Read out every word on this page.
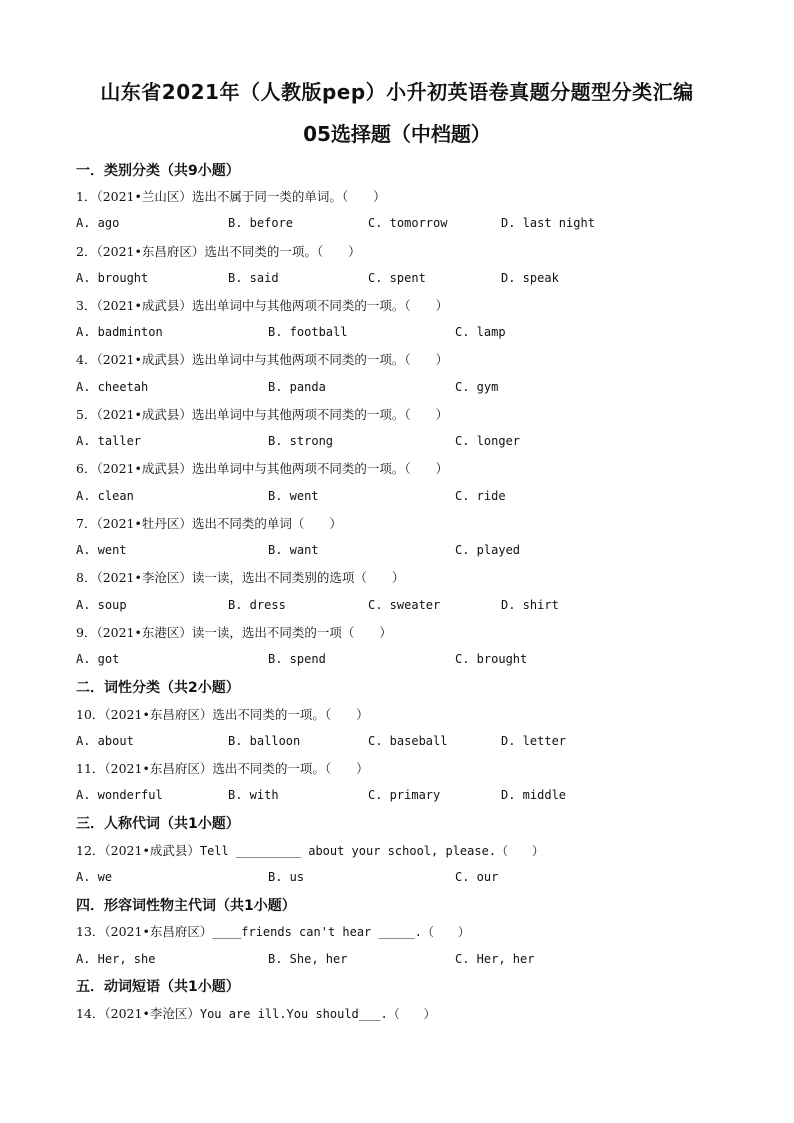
山东省2021年（人教版pep）小升初英语卷真题分题型分类汇编
05选择题（中档题）
一．类别分类（共9小题）
1．（2021•兰山区）选出不属于同一类的单词。（　　）
A. ago	B. before	C. tomorrow	D. last night
2．（2021•东昌府区）选出不同类的一项。（　　）
A. brought	B. said	C. spent	D. speak
3．（2021•成武县）选出单词中与其他两项不同类的一项。（　　）
A. badminton	B. football	C. lamp
4．（2021•成武县）选出单词中与其他两项不同类的一项。（　　）
A. cheetah	B. panda	C. gym
5．（2021•成武县）选出单词中与其他两项不同类的一项。（　　）
A. taller	B. strong	C. longer
6．（2021•成武县）选出单词中与其他两项不同类的一项。（　　）
A. clean	B. went	C. ride
7．（2021•牡丹区）选出不同类的单词（　　）
A. went	B. want	C. played
8．（2021•李沧区）读一读，选出不同类别的选项（　　）
A. soup	B. dress	C. sweater	D. shirt
9．（2021•东港区）读一读，选出不同类的一项（　　）
A. got	B. spend	C. brought
二．词性分类（共2小题）
10．（2021•东昌府区）选出不同类的一项。（　　）
A. about	B. balloon	C. baseball	D. letter
11．（2021•东昌府区）选出不同类的一项。（　　）
A. wonderful	B. with	C. primary	D. middle
三．人称代词（共1小题）
12．（2021•成武县）Tell _________ about your school, please.（　　）
A. we	B. us	C. our
四．形容词性物主代词（共1小题）
13．（2021•东昌府区）____friends can't hear _____.（　　）
A. Her, she	B. She, her	C. Her, her
五．动词短语（共1小题）
14．（2021•李沧区）You are ill.You should___.（　　）
